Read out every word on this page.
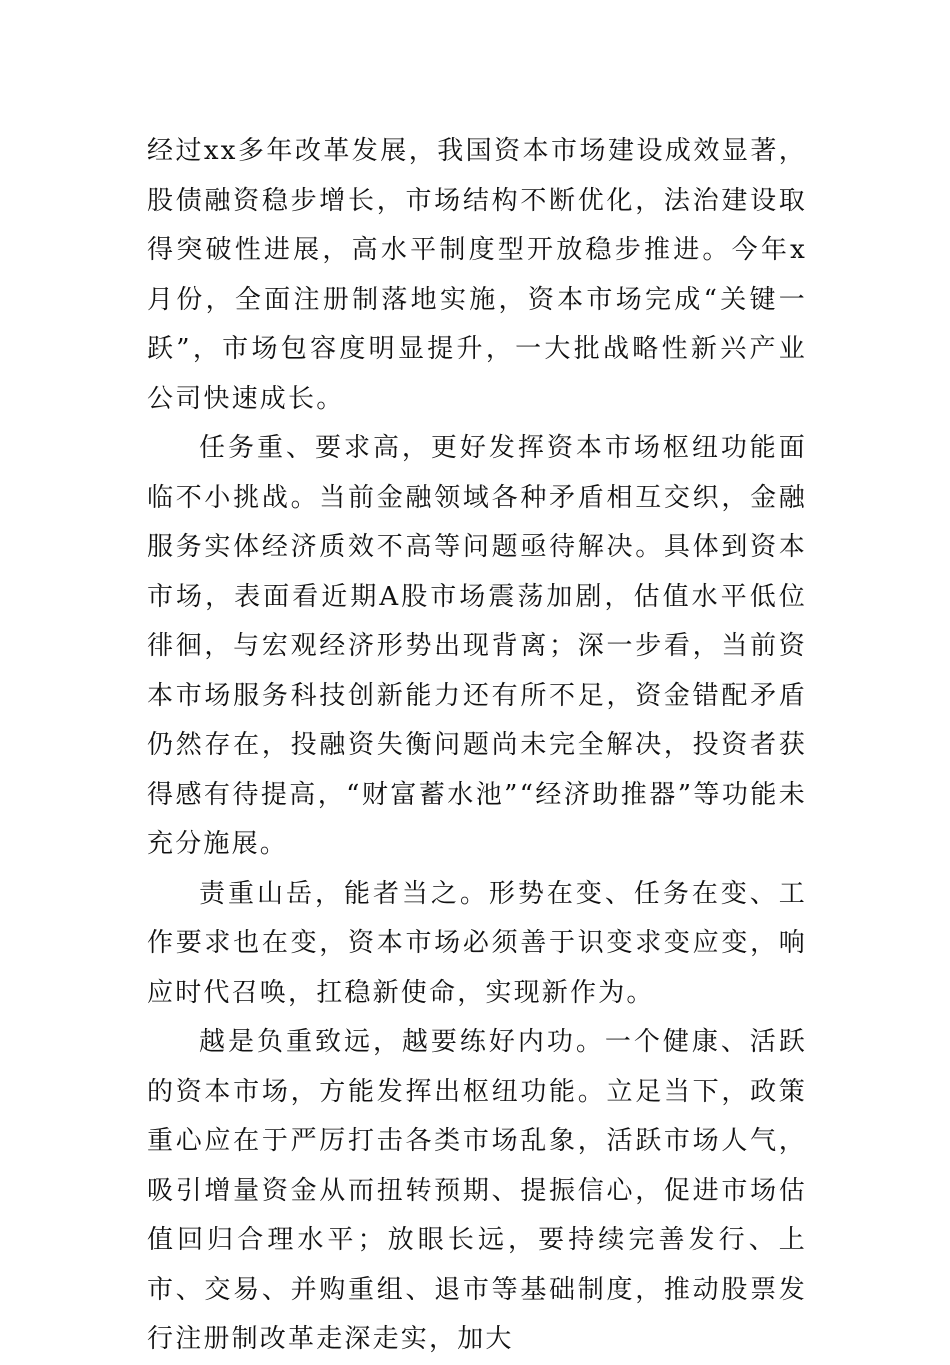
经过xx多年改革发展，我国资本市场建设成效显著，股债融资稳步增长，市场结构不断优化，法治建设取得突破性进展，高水平制度型开放稳步推进。今年x月份，全面注册制落地实施，资本市场完成“关键一跃”，市场包容度明显提升，一大批战略性新兴产业公司快速成长。

任务重、要求高，更好发挥资本市场枢纽功能面临不小挑战。当前金融领域各种矛盾相互交织，金融服务实体经济质效不高等问题亟待解决。具体到资本市场，表面看近期A股市场震荡加剧，估值水平低位徘徊，与宏观经济形势出现背离；深一步看，当前资本市场服务科技创新能力还有所不足，资金错配矛盾仍然存在，投融资失衡问题尚未完全解决，投资者获得感有待提高，“财富蓄水池”“经济助推器”等功能未充分施展。

责重山岳，能者当之。形势在变、任务在变、工作要求也在变，资本市场必须善于识变求变应变，响应时代召唤，扛稳新使命，实现新作为。

越是负重致远，越要练好内功。一个健康、活跃的资本市场，方能发挥出枢纽功能。立足当下，政策重心应在于严厉打击各类市场乱象，活跃市场人气，吸引增量资金从而扭转预期、提振信心，促进市场估值回归合理水平；放眼长远，要持续完善发行、上市、交易、并购重组、退市等基础制度，推动股票发行注册制改革走深走实，加大
